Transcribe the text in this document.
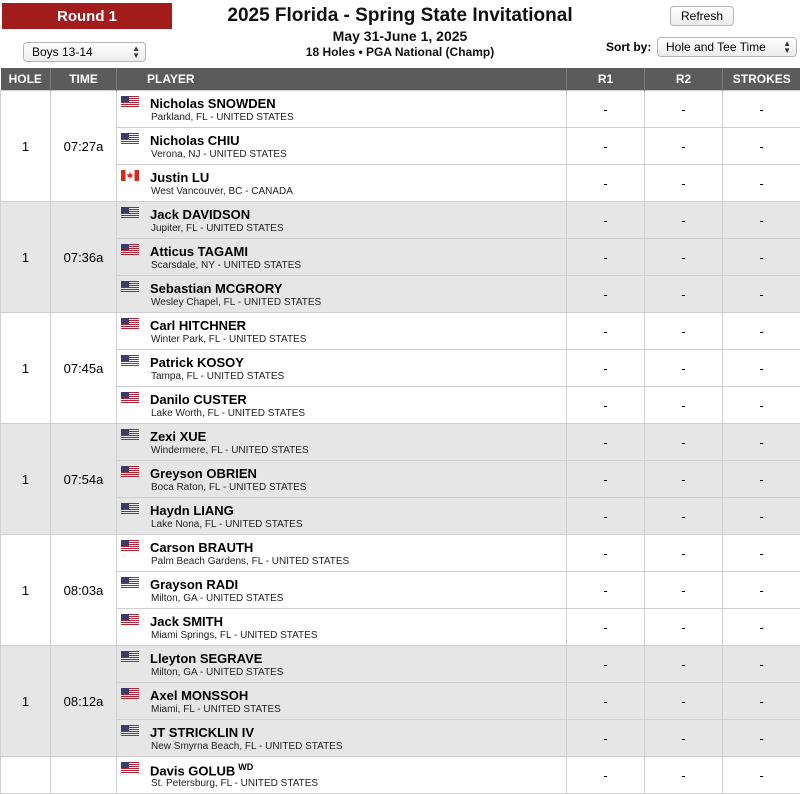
Round 1	2025 Florida - Spring State Invitational
May 31-June 1, 2025
18 Holes • PGA National (Champ)
Refresh
Boys 13-14	▲
▼
Sort by: Hole and Tee Time ▲
▼
HOLE	TIME	PLAYER	R1	R2	STROKES
1	07:27a	Nicholas SNOWDEN
Parkland, FL - UNITED STATES	-	-	-

		Nicholas CHIU
Verona, NJ - UNITED STATES	-	-	-

		Justin LU
West Vancouver, BC - CANADA	-	-	-
1	07:36a	Jack DAVIDSON
Jupiter, FL - UNITED STATES	-	-	-

		Atticus TAGAMI
Scarsdale, NY - UNITED STATES	-	-	-

		Sebastian MCGRORY
Wesley Chapel, FL - UNITED STATES	-	-	-
1	07:45a	Carl HITCHNER
Winter Park, FL - UNITED STATES	-	-	-

		Patrick KOSOY
Tampa, FL - UNITED STATES	-	-	-

		Danilo CUSTER
Lake Worth, FL - UNITED STATES	-	-	-
1	07:54a	Zexi XUE
Windermere, FL - UNITED STATES	-	-	-

		Greyson OBRIEN
Boca Raton, FL - UNITED STATES	-	-	-

		Haydn LIANG
Lake Nona, FL - UNITED STATES	-	-	-
1	08:03a	Carson BRAUTH
Palm Beach Gardens, FL - UNITED STATES	-	-	-

		Grayson RADI
Milton, GA - UNITED STATES	-	-	-

		Jack SMITH
Miami Springs, FL - UNITED STATES	-	-	-
1	08:12a	Lleyton SEGRAVE
Milton, GA - UNITED STATES	-	-	-

		Axel MONSSOH
Miami, FL - UNITED STATES	-	-	-

		JT STRICKLIN IV
New Smyrna Beach, FL - UNITED STATES	-	-	-

		Davis GOLUB $^{WD}$
St. Petersburg, FL - UNITED STATES	-	-	-
